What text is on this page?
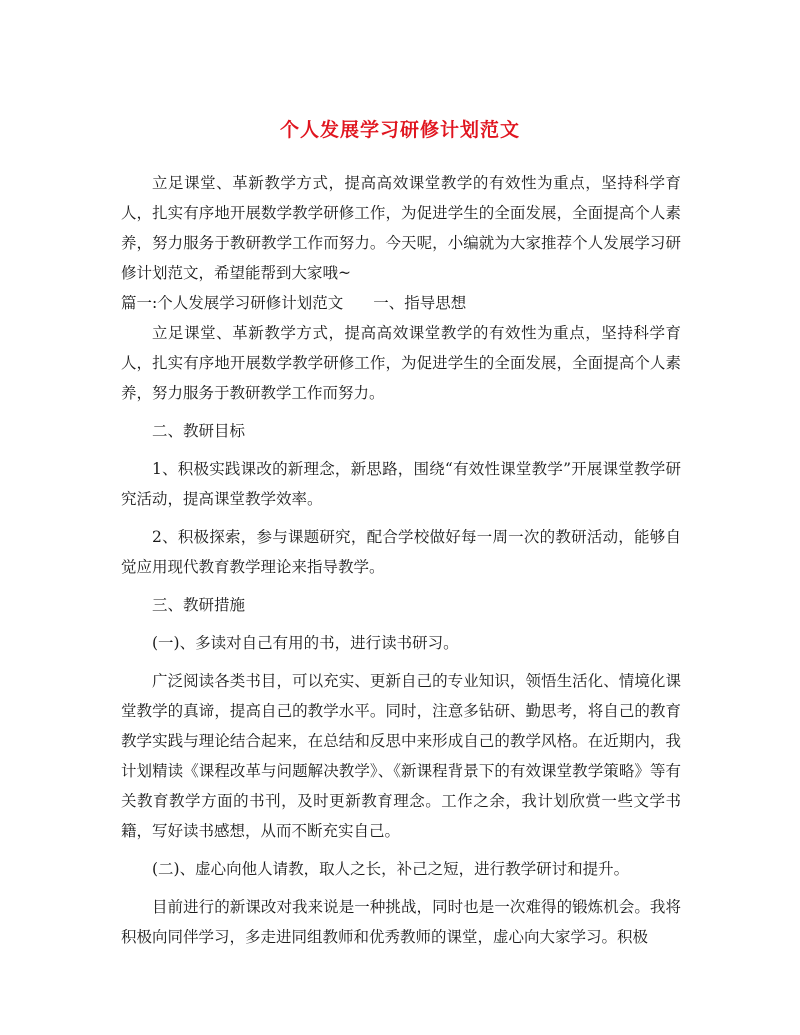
个人发展学习研修计划范文

立足课堂、革新教学方式，提高高效课堂教学的有效性为重点，坚持科学育人，扎实有序地开展数学教学研修工作，为促进学生的全面发展，全面提高个人素养，努力服务于教研教学工作而努力。今天呢，小编就为大家推荐个人发展学习研修计划范文，希望能帮到大家哦~

篇一:个人发展学习研修计划范文 一、指导思想

立足课堂、革新教学方式，提高高效课堂教学的有效性为重点，坚持科学育人，扎实有序地开展数学教学研修工作，为促进学生的全面发展，全面提高个人素养，努力服务于教研教学工作而努力。

二、教研目标

1、积极实践课改的新理念，新思路，围绕“有效性课堂教学”开展课堂教学研究活动，提高课堂教学效率。

2、积极探索，参与课题研究，配合学校做好每一周一次的教研活动，能够自觉应用现代教育教学理论来指导教学。

三、教研措施

(一)、多读对自己有用的书，进行读书研习。

广泛阅读各类书目，可以充实、更新自己的专业知识，领悟生活化、情境化课堂教学的真谛，提高自己的教学水平。同时，注意多钻研、勤思考，将自己的教育教学实践与理论结合起来，在总结和反思中来形成自己的教学风格。在近期内，我计划精读《课程改革与问题解决教学》、《新课程背景下的有效课堂教学策略》等有关教育教学方面的书刊，及时更新教育理念。工作之余，我计划欣赏一些文学书籍，写好读书感想，从而不断充实自己。

(二)、虚心向他人请教，取人之长，补己之短，进行教学研讨和提升。

目前进行的新课改对我来说是一种挑战，同时也是一次难得的锻炼机会。我将积极向同伴学习，多走进同组教师和优秀教师的课堂，虚心向大家学习。积极
